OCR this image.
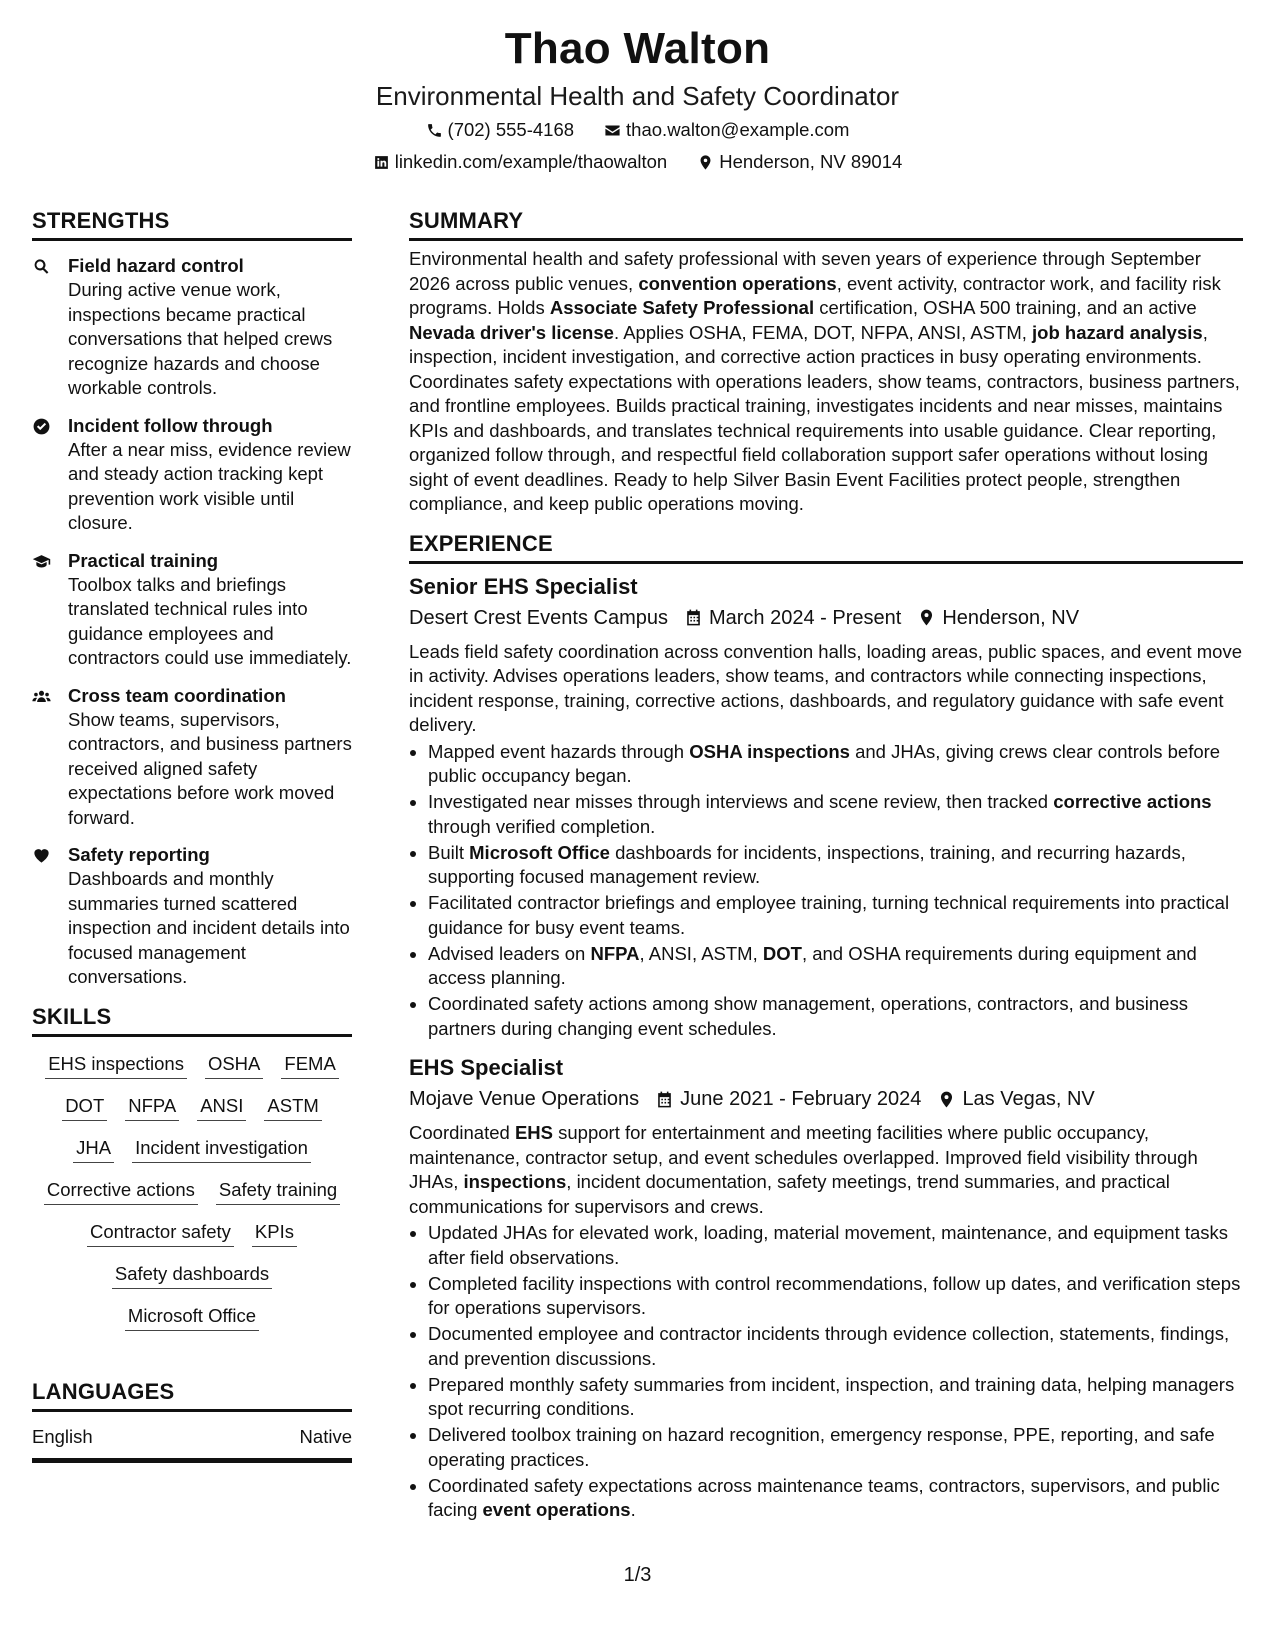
Thao Walton
Environmental Health and Safety Coordinator
(702) 555-4168	thao.walton@example.com
linkedin.com/example/thaowalton	Henderson, NV 89014
STRENGTHS
Field hazard control
During active venue work, inspections became practical conversations that helped crews recognize hazards and choose workable controls.
Incident follow through
After a near miss, evidence review and steady action tracking kept prevention work visible until closure.
Practical training
Toolbox talks and briefings translated technical rules into guidance employees and contractors could use immediately.
Cross team coordination
Show teams, supervisors, contractors, and business partners received aligned safety expectations before work moved forward.
Safety reporting
Dashboards and monthly summaries turned scattered inspection and incident details into focused management conversations.
SKILLS
EHS inspections OSHA FEMA
DOT NFPA ANSI ASTM
JHA Incident investigation
Corrective actions Safety training
Contractor safety KPIs
Safety dashboards
Microsoft Office
LANGUAGES
English	Native
SUMMARY
Environmental health and safety professional with seven years of experience through September 2026 across public venues, convention operations, event activity, contractor work, and facility risk programs. Holds Associate Safety Professional certification, OSHA 500 training, and an active Nevada driver's license. Applies OSHA, FEMA, DOT, NFPA, ANSI, ASTM, job hazard analysis, inspection, incident investigation, and corrective action practices in busy operating environments. Coordinates safety expectations with operations leaders, show teams, contractors, business partners, and frontline employees. Builds practical training, investigates incidents and near misses, maintains KPIs and dashboards, and translates technical requirements into usable guidance. Clear reporting, organized follow through, and respectful field collaboration support safer operations without losing sight of event deadlines. Ready to help Silver Basin Event Facilities protect people, strengthen compliance, and keep public operations moving.
EXPERIENCE
Senior EHS Specialist
Desert Crest Events Campus March 2024 - Present Henderson, NV
Leads field safety coordination across convention halls, loading areas, public spaces, and event move in activity. Advises operations leaders, show teams, and contractors while connecting inspections, incident response, training, corrective actions, dashboards, and regulatory guidance with safe event delivery.
• Mapped event hazards through OSHA inspections and JHAs, giving crews clear controls before public occupancy began.
• Investigated near misses through interviews and scene review, then tracked corrective actions through verified completion.
• Built Microsoft Office dashboards for incidents, inspections, training, and recurring hazards, supporting focused management review.
• Facilitated contractor briefings and employee training, turning technical requirements into practical guidance for busy event teams.
• Advised leaders on NFPA, ANSI, ASTM, DOT, and OSHA requirements during equipment and access planning.
• Coordinated safety actions among show management, operations, contractors, and business partners during changing event schedules.
EHS Specialist
Mojave Venue Operations June 2021 - February 2024 Las Vegas, NV
Coordinated EHS support for entertainment and meeting facilities where public occupancy, maintenance, contractor setup, and event schedules overlapped. Improved field visibility through JHAs, inspections, incident documentation, safety meetings, trend summaries, and practical communications for supervisors and crews.
• Updated JHAs for elevated work, loading, material movement, maintenance, and equipment tasks after field observations.
• Completed facility inspections with control recommendations, follow up dates, and verification steps for operations supervisors.
• Documented employee and contractor incidents through evidence collection, statements, findings, and prevention discussions.
• Prepared monthly safety summaries from incident, inspection, and training data, helping managers spot recurring conditions.
• Delivered toolbox training on hazard recognition, emergency response, PPE, reporting, and safe operating practices.
• Coordinated safety expectations across maintenance teams, contractors, supervisors, and public facing event operations.
1/3
